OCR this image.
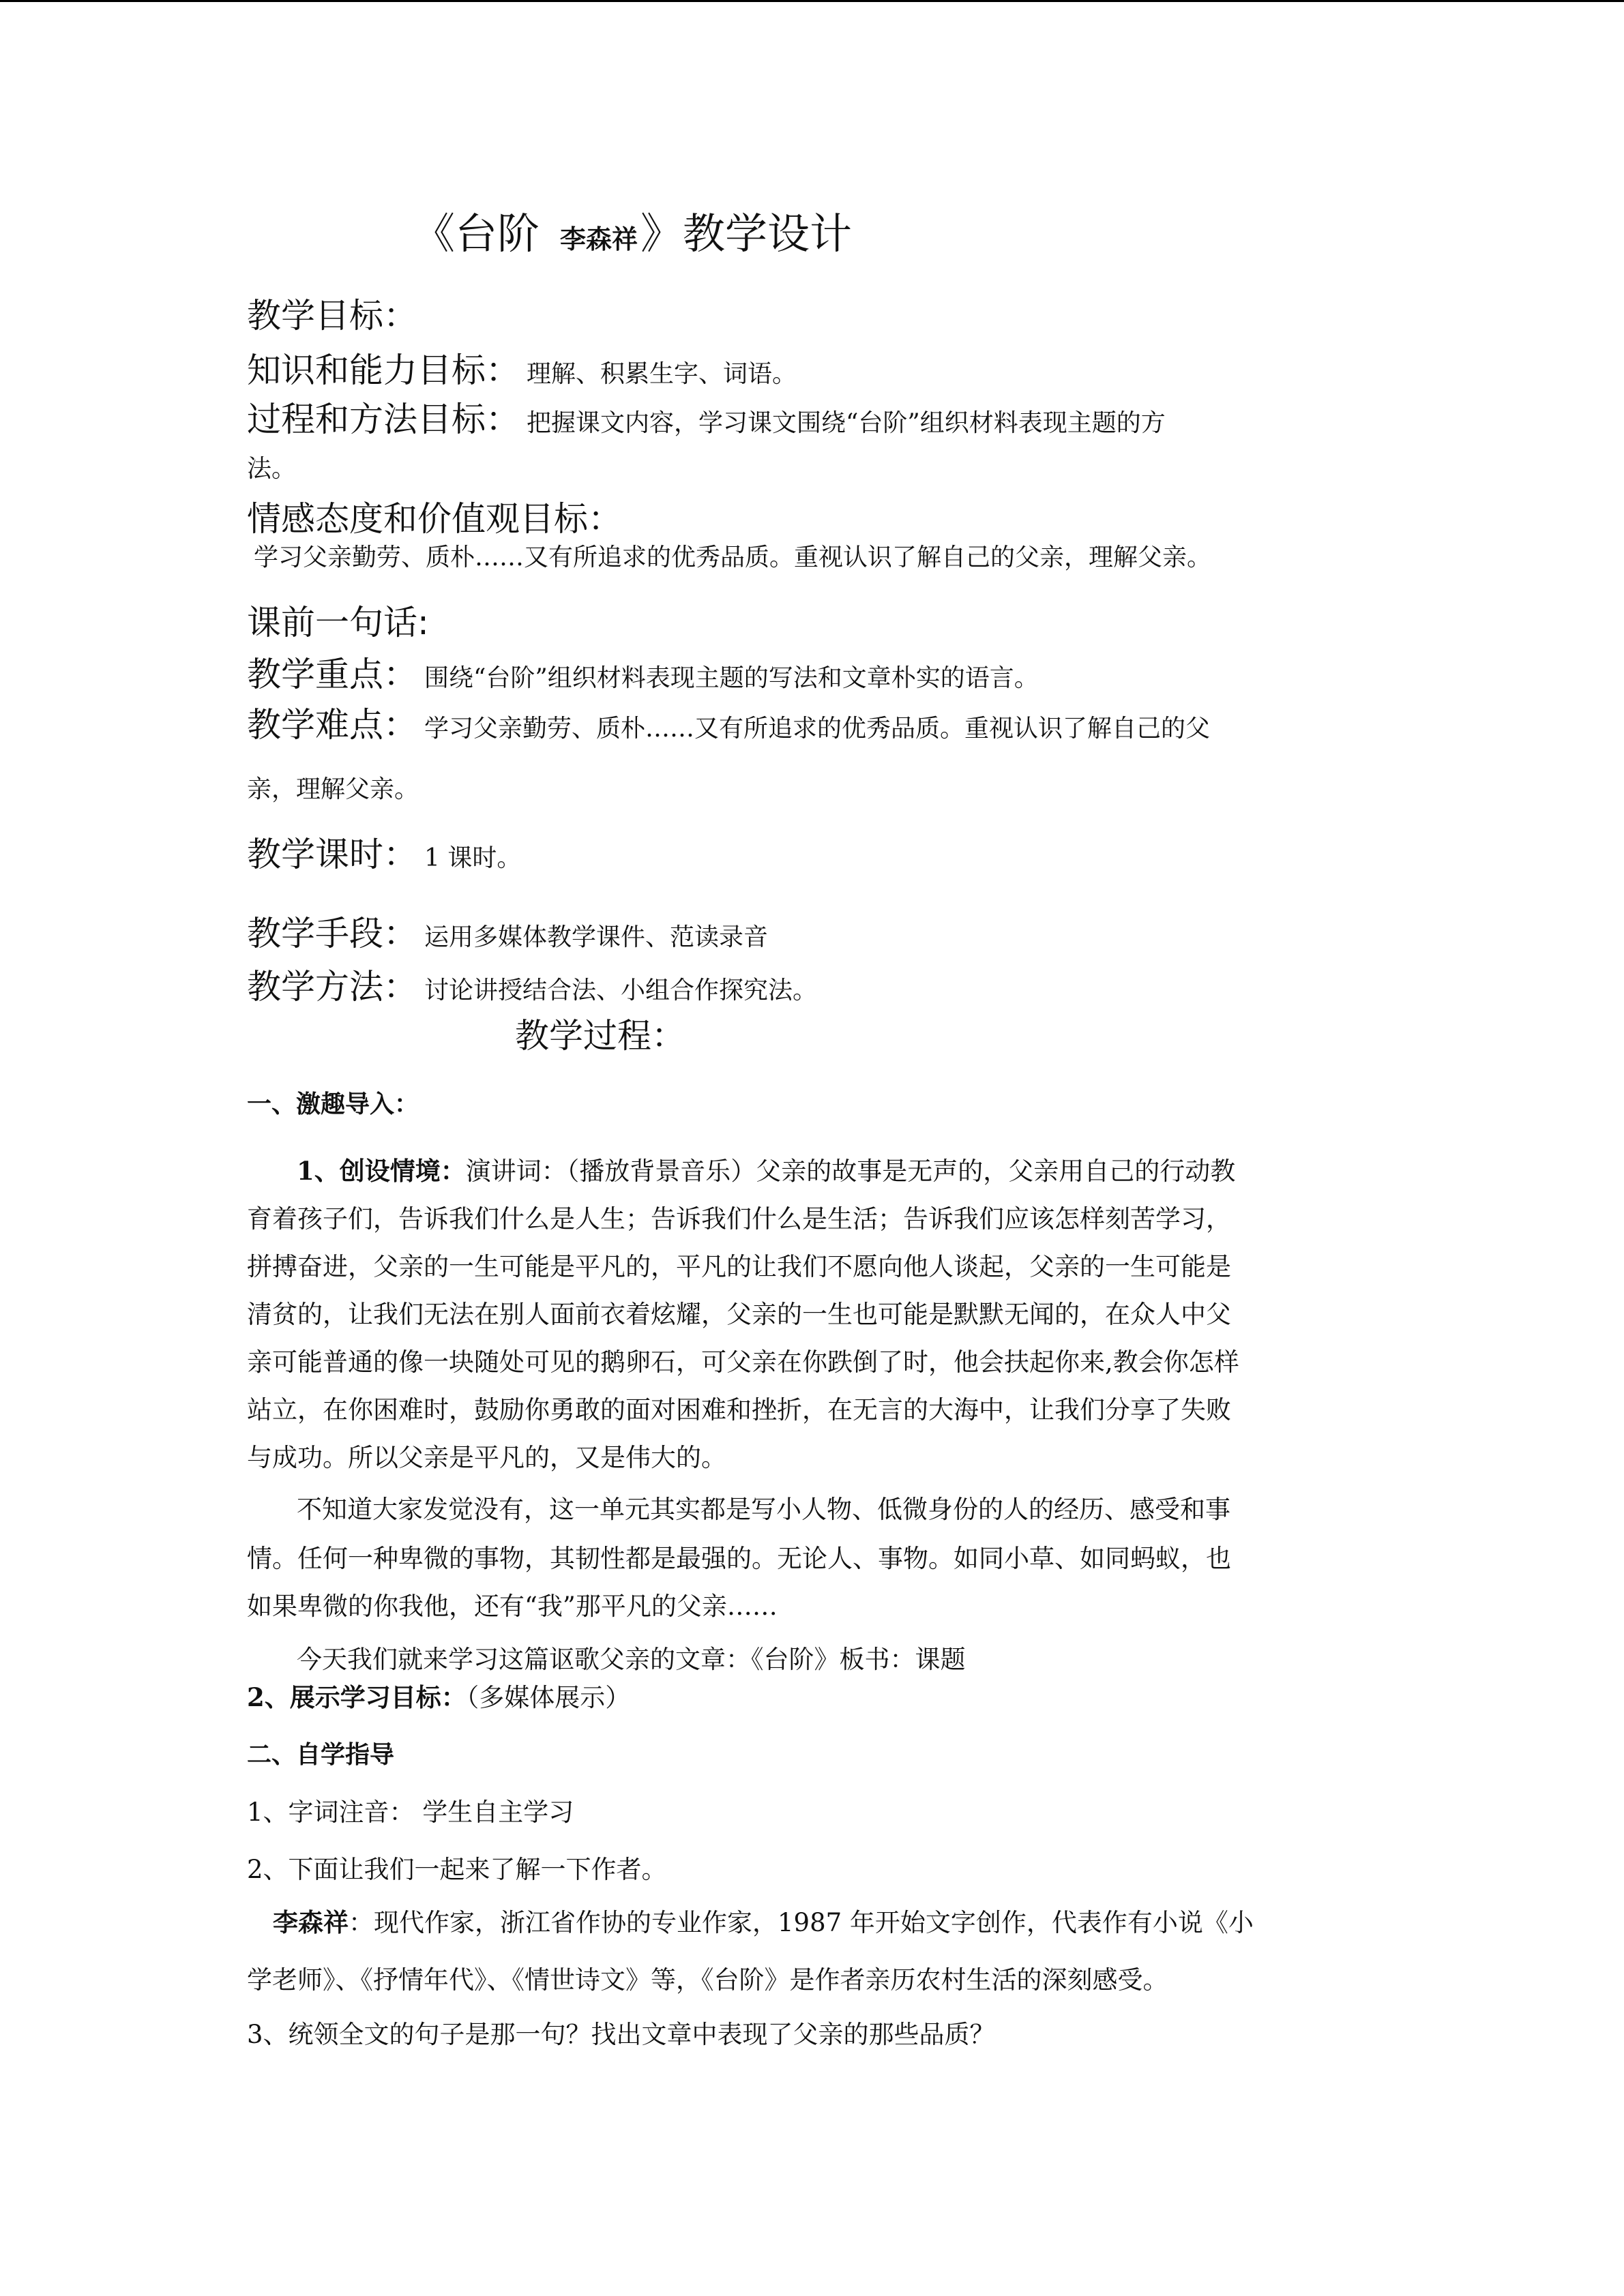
《台阶 李森祥》教学设计
教学目标：
知识和能力目标： 理解、积累生字、词语。
过程和方法目标： 把握课文内容，学习课文围绕“台阶”组织材料表现主题的方
法。
情感态度和价值观目标：
学习父亲勤劳、质朴……又有所追求的优秀品质。重视认识了解自己的父亲，理解父亲。
课前一句话:
教学重点： 围绕“台阶”组织材料表现主题的写法和文章朴实的语言。
教学难点： 学习父亲勤劳、质朴……又有所追求的优秀品质。重视认识了解自己的父
亲，理解父亲。
教学课时： 1 课时。
教学手段： 运用多媒体教学课件、范读录音
教学方法： 讨论讲授结合法、小组合作探究法。
教学过程：
一、激趣导入：
1、创设情境：演讲词：（播放背景音乐）父亲的故事是无声的，父亲用自己的行动教
育着孩子们，告诉我们什么是人生；告诉我们什么是生活；告诉我们应该怎样刻苦学习，
拼搏奋进，父亲的一生可能是平凡的，平凡的让我们不愿向他人谈起，父亲的一生可能是
清贫的，让我们无法在别人面前衣着炫耀，父亲的一生也可能是默默无闻的，在众人中父
亲可能普通的像一块随处可见的鹅卵石，可父亲在你跌倒了时，他会扶起你来,教会你怎样
站立，在你困难时，鼓励你勇敢的面对困难和挫折，在无言的大海中，让我们分享了失败
与成功。所以父亲是平凡的，又是伟大的。
不知道大家发觉没有，这一单元其实都是写小人物、低微身份的人的经历、感受和事
情。任何一种卑微的事物，其韧性都是最强的。无论人、事物。如同小草、如同蚂蚁，也
如果卑微的你我他，还有“我”那平凡的父亲……
今天我们就来学习这篇讴歌父亲的文章：《台阶》板书：课题
2、展示学习目标：（多媒体展示）
二、自学指导
1、字词注音： 学生自主学习
2、下面让我们一起来了解一下作者。
李森祥：现代作家，浙江省作协的专业作家，1987 年开始文字创作，代表作有小说《小
学老师》、《抒情年代》、《情世诗文》等，《台阶》是作者亲历农村生活的深刻感受。
3、统领全文的句子是那一句？找出文章中表现了父亲的那些品质？
